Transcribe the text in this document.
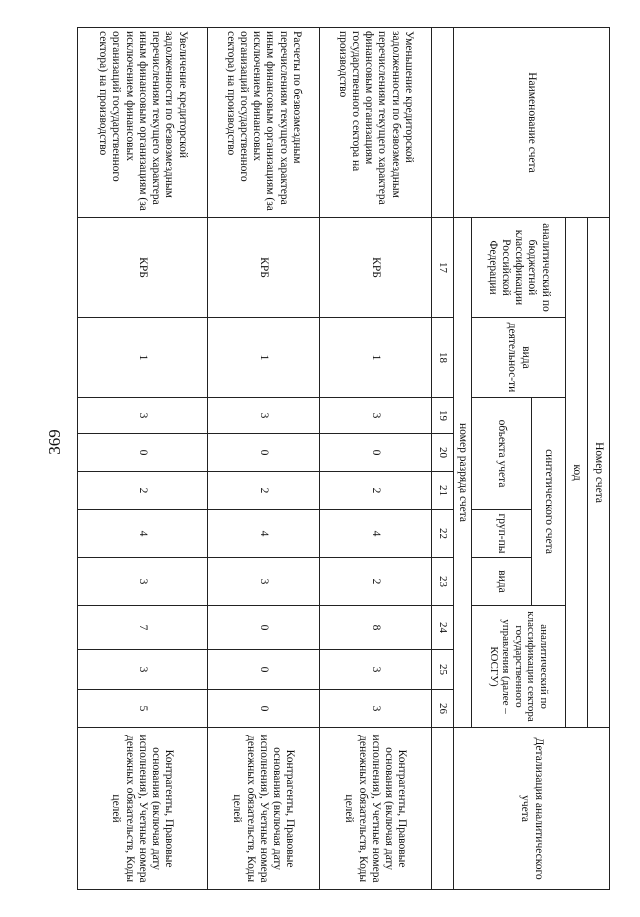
369
Наименование счета	Номер счета										Детализация аналитического учета
	код										
	аналитический по бюджетной классификации Российской Федерации	вида деятельнос-ти	синтетического счета					аналитический по классификации сектора государственного управления (далее – КОСГУ)			
			объекта учета			груп-пы	вида				
	номер разряда счета										
	17	18	19	20	21	22	23	24	25	26	
Уменьшение кредиторской задолженности по безвозмездным перечислениям текущего характера финансовым организациям государственного сектора на производство	КРБ	1	3	0	2	4	2	8	3	3	Контрагенты, Правовые основания (включая дату исполнения), Учетные номера денежных обязательств, Коды целей
Расчеты по безвозмездным перечислениям текущего характера иным финансовым организациям (за исключением финансовых организаций государственного сектора) на производство	КРБ	1	3	0	2	4	3	0	0	0	Контрагенты, Правовые основания (включая дату исполнения), Учетные номера денежных обязательств, Коды целей
Увеличение кредиторской задолженности по безвозмездным перечислениям текущего характера иным финансовым организациям (за исключением финансовых организаций государственного сектора) на производство	КРБ	1	3	0	2	4	3	7	3	5	Контрагенты, Правовые основания (включая дату исполнения), Учетные номера денежных обязательств, Коды целей
